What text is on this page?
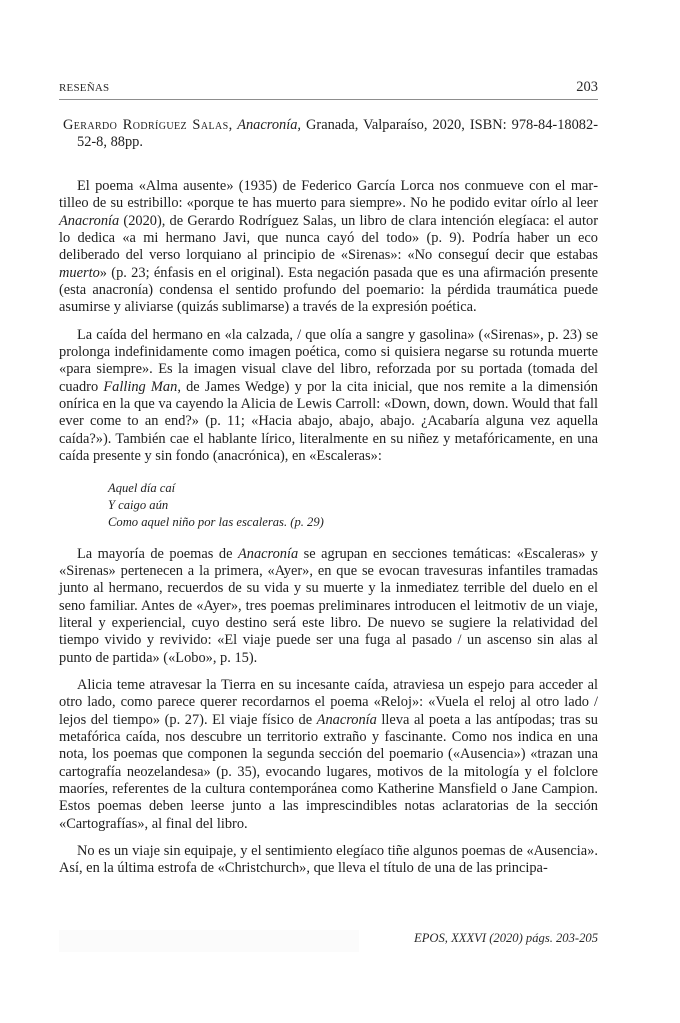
RESEÑAS	203
Gerardo Rodríguez Salas, Anacronía, Granada, Valparaíso, 2020, ISBN: 978-84-18082-52-8, 88pp.

El poema «Alma ausente» (1935) de Federico García Lorca nos conmueve con el martilleo de su estribillo: «porque te has muerto para siempre». No he podido evitar oírlo al leer Anacronía (2020), de Gerardo Rodríguez Salas, un libro de clara intención elegíaca: el autor lo dedica «a mi hermano Javi, que nunca cayó del todo» (p. 9). Podría haber un eco deliberado del verso lorquiano al principio de «Sirenas»: «No conseguí decir que estabas muerto» (p. 23; énfasis en el original). Esta negación pasada que es una afirmación presente (esta anacronía) condensa el sentido profundo del poemario: la pérdida traumática puede asumirse y aliviarse (quizás sublimarse) a través de la expresión poética.

La caída del hermano en «la calzada, / que olía a sangre y gasolina» («Sirenas», p. 23) se prolonga indefinidamente como imagen poética, como si quisiera negarse su rotunda muerte «para siempre». Es la imagen visual clave del libro, reforzada por su portada (tomada del cuadro Falling Man, de James Wedge) y por la cita inicial, que nos remite a la dimensión onírica en la que va cayendo la Alicia de Lewis Carroll: «Down, down, down. Would that fall ever come to an end?» (p. 11; «Hacia abajo, abajo, abajo. ¿Acabaría alguna vez aquella caída?»). También cae el hablante lírico, literalmente en su niñez y metafóricamente, en una caída presente y sin fondo (anacrónica), en «Escaleras»:

Aquel día caí
Y caigo aún
Como aquel niño por las escaleras. (p. 29)

La mayoría de poemas de Anacronía se agrupan en secciones temáticas: «Escaleras» y «Sirenas» pertenecen a la primera, «Ayer», en que se evocan travesuras infantiles tramadas junto al hermano, recuerdos de su vida y su muerte y la inmediatez terrible del duelo en el seno familiar. Antes de «Ayer», tres poemas preliminares introducen el leitmotiv de un viaje, literal y experiencial, cuyo destino será este libro. De nuevo se sugiere la relatividad del tiempo vivido y revivido: «El viaje puede ser una fuga al pasado / un ascenso sin alas al punto de partida» («Lobo», p. 15).

Alicia teme atravesar la Tierra en su incesante caída, atraviesa un espejo para acceder al otro lado, como parece querer recordarnos el poema «Reloj»: «Vuela el reloj al otro lado / lejos del tiempo» (p. 27). El viaje físico de Anacronía lleva al poeta a las antípodas; tras su metafórica caída, nos descubre un territorio extraño y fascinante. Como nos indica en una nota, los poemas que componen la segunda sección del poemario («Ausencia») «trazan una cartografía neozelandesa» (p. 35), evocando lugares, motivos de la mitología y el folclore maoríes, referentes de la cultura contemporánea como Katherine Mansfield o Jane Campion. Estos poemas deben leerse junto a las imprescindibles notas aclaratorias de la sección «Cartografías», al final del libro.

No es un viaje sin equipaje, y el sentimiento elegíaco tiñe algunos poemas de «Ausencia». Así, en la última estrofa de «Christchurch», que lleva el título de una de las principa-

EPOS, XXXVI (2020) págs. 203-205
